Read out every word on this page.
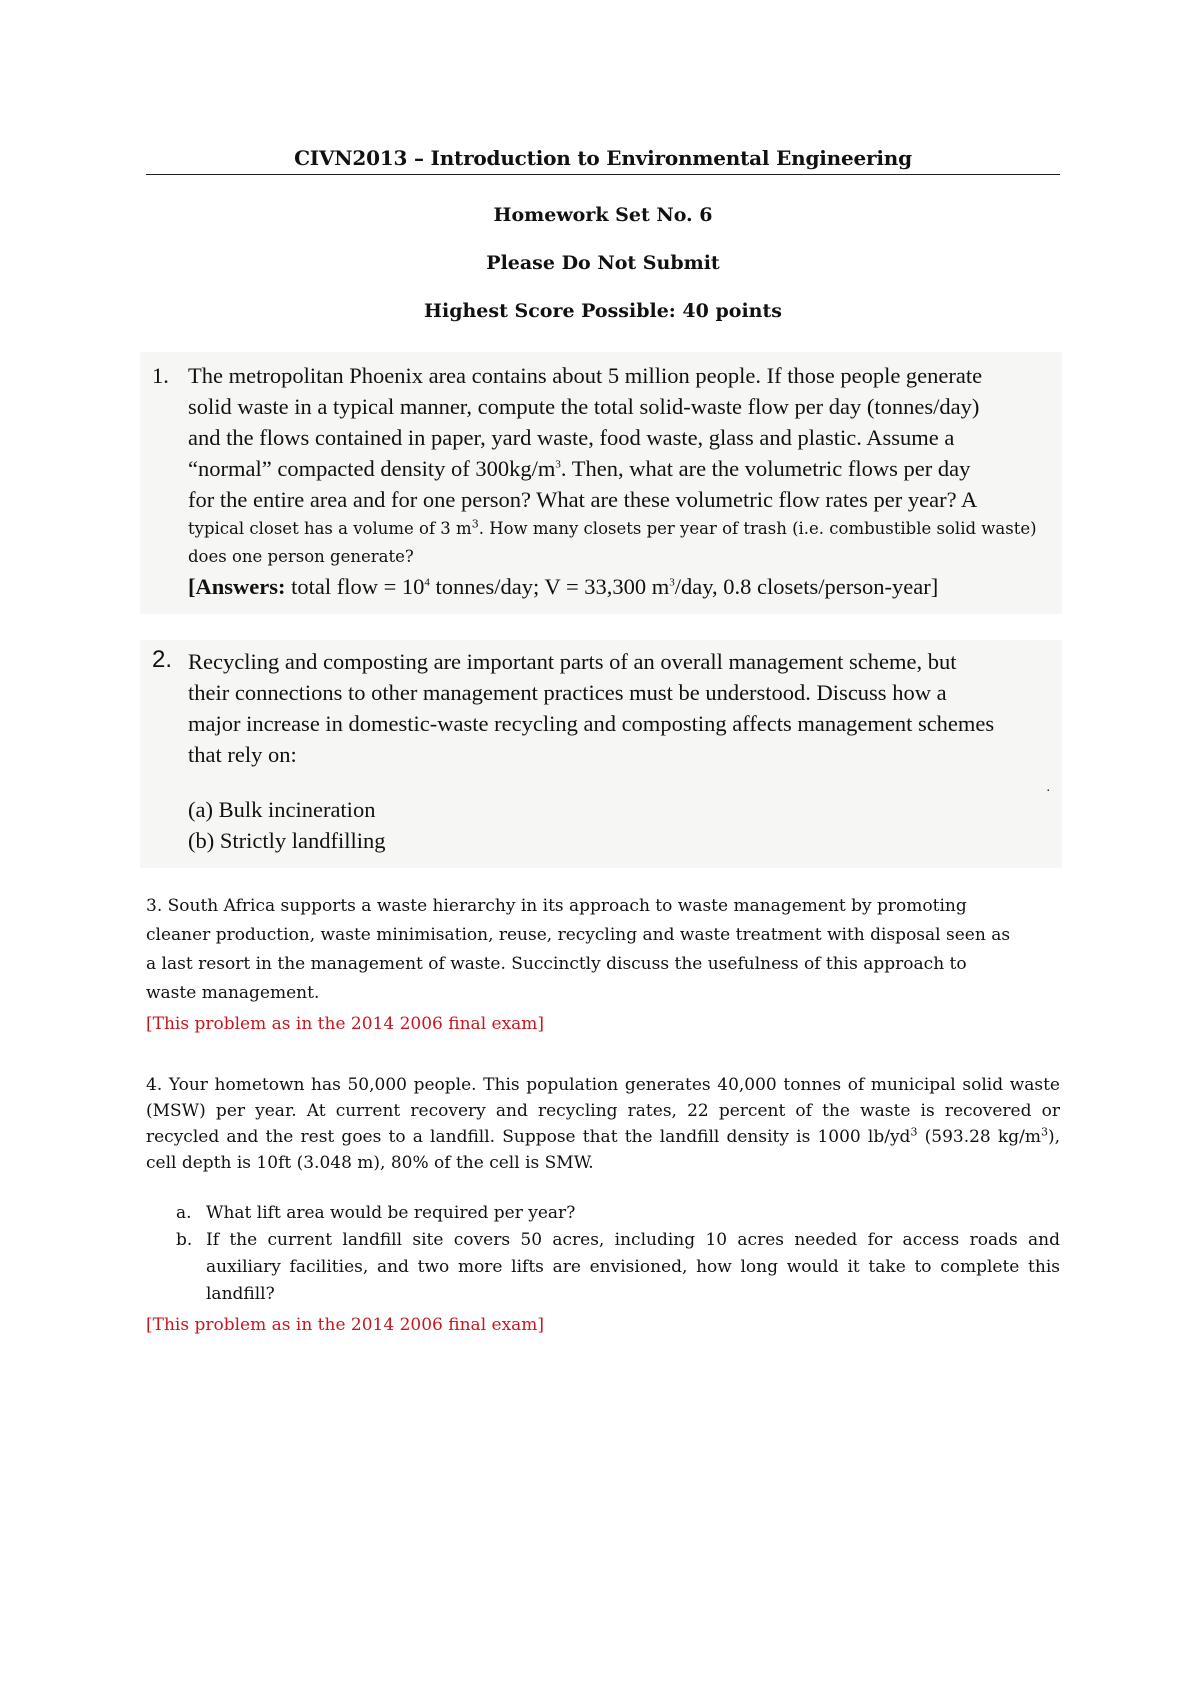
CIVN2013 – Introduction to Environmental Engineering
Homework Set No. 6
Please Do Not Submit
Highest Score Possible: 40 points
1. The metropolitan Phoenix area contains about 5 million people. If those people generate
solid waste in a typical manner, compute the total solid-waste flow per day (tonnes/day)
and the flows contained in paper, yard waste, food waste, glass and plastic. Assume a
“normal” compacted density of $300kg/m^3$. Then, what are the volumetric flows per day
for the entire area and for one person? What are these volumetric flow rates per year? A
typical closet has a volume of 3 $m^3$. How many closets per year of trash (i.e. combustible solid waste)
does one person generate?
[Answers: total flow = $10^4$ tonnes/day; V = 33,300 $m^3$/day, 0.8 closets/person-year]
2. Recycling and composting are important parts of an overall management scheme, but
their connections to other management practices must be understood. Discuss how a
major increase in domestic-waste recycling and composting affects management schemes
that rely on:
.
(a) Bulk incineration
(b) Strictly landfilling
3. South Africa supports a waste hierarchy in its approach to waste management by promoting cleaner production, waste minimisation, reuse, recycling and waste treatment with disposal seen as a last resort in the management of waste. Succinctly discuss the usefulness of this approach to waste management.
[This problem as in the 2014 2006 final exam]
4. Your hometown has 50,000 people. This population generates 40,000 tonnes of municipal solid waste (MSW) per year. At current recovery and recycling rates, 22 percent of the waste is recovered or recycled and the rest goes to a landfill. Suppose that the landfill density is 1000 $lb/yd^3$ (593.28 $kg/m^3$), cell depth is 10ft (3.048 m), 80% of the cell is SMW.
a. What lift area would be required per year?
b. If the current landfill site covers 50 acres, including 10 acres needed for access roads and auxiliary facilities, and two more lifts are envisioned, how long would it take to complete this landfill?
[This problem as in the 2014 2006 final exam]
